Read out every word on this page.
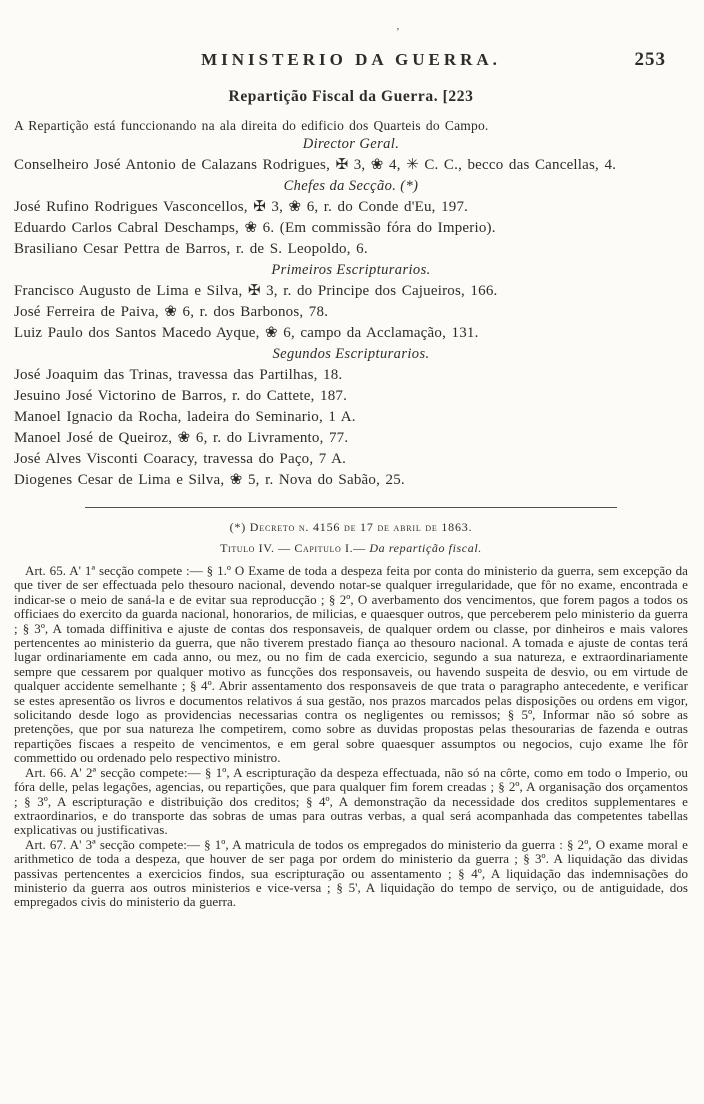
’
MINISTERIO DA GUERRA.	253
Repartição Fiscal da Guerra. [223

A Repartição está funccionando na ala direita do edificio dos Quarteis do Campo.

Director Geral.

Conselheiro José Antonio de Calazans Rodrigues, ✠ 3, ❀ 4, ✳ C. C., becco das Cancellas, 4.

Chefes da Secção. (*)

José Rufino Rodrigues Vasconcellos, ✠ 3, ❀ 6, r. do Conde d'Eu, 197.

Eduardo Carlos Cabral Deschamps, ❀ 6. (Em commissão fóra do Imperio).

Brasiliano Cesar Pettra de Barros, r. de S. Leopoldo, 6.

Primeiros Escripturarios.

Francisco Augusto de Lima e Silva, ✠ 3, r. do Principe dos Cajueiros, 166.

José Ferreira de Paiva, ❀ 6, r. dos Barbonos, 78.

Luiz Paulo dos Santos Macedo Ayque, ❀ 6, campo da Acclamação, 131.

Segundos Escripturarios.

José Joaquim das Trinas, travessa das Partilhas, 18.

Jesuino José Victorino de Barros, r. do Cattete, 187.

Manoel Ignacio da Rocha, ladeira do Seminario, 1 A.

Manoel José de Queiroz, ❀ 6, r. do Livramento, 77.

José Alves Visconti Coaracy, travessa do Paço, 7 A.

Diogenes Cesar de Lima e Silva, ❀ 5, r. Nova do Sabão, 25.

(*) Decreto n. 4156 de 17 de abril de 1863.

Titulo IV. — Capitulo I.— Da repartição fiscal.

Art. 65. A' 1ª secção compete :— § 1.º O Exame de toda a despeza feita por conta do ministerio da guerra, sem excepção da que tiver de ser effectuada pelo thesouro nacional, devendo notar-se qualquer irregularidade, que fôr no exame, encontrada e indicar-se o meio de saná-la e de evitar sua reproducção ; § 2º, O averbamento dos vencimentos, que forem pagos a todos os officiaes do exercito da guarda nacional, honorarios, de milicias, e quaesquer outros, que perceberem pelo ministerio da guerra ; § 3º, A tomada diffinitiva e ajuste de contas dos responsaveis, de qualquer ordem ou classe, por dinheiros e mais valores pertencentes ao ministerio da guerra, que não tiverem prestado fiança ao thesouro nacional. A tomada e ajuste de contas terá lugar ordinariamente em cada anno, ou mez, ou no fim de cada exercicio, segundo a sua natureza, e extraordinariamente sempre que cessarem por qualquer motivo as funcções dos responsaveis, ou havendo suspeita de desvio, ou em virtude de qualquer accidente semelhante ; § 4º. Abrir assentamento dos responsaveis de que trata o paragrapho antecedente, e verificar se estes apresentão os livros e documentos relativos á sua gestão, nos prazos marcados pelas disposições ou ordens em vigor, solicitando desde logo as providencias necessarias contra os negligentes ou remissos; § 5º, Informar não só sobre as pretenções, que por sua natureza lhe competirem, como sobre as duvidas propostas pelas thesourarias de fazenda e outras repartições fiscaes a respeito de vencimentos, e em geral sobre quaesquer assumptos ou negocios, cujo exame lhe fôr commettido ou ordenado pelo respectivo ministro.

Art. 66. A' 2ª secção compete:— § 1º, A escripturação da despeza effectuada, não só na côrte, como em todo o Imperio, ou fóra delle, pelas legações, agencias, ou repartições, que para qualquer fim forem creadas ; § 2º, A organisação dos orçamentos ; § 3º, A escripturação e distribuição dos creditos; § 4º, A demonstração da necessidade dos creditos supplementares e extraordinarios, e do transporte das sobras de umas para outras verbas, a qual será acompanhada das competentes tabellas explicativas ou justificativas.

Art. 67. A' 3ª secção compete:— § 1º, A matricula de todos os empregados do ministerio da guerra : § 2º, O exame moral e arithmetico de toda a despeza, que houver de ser paga por ordem do ministerio da guerra ; § 3º. A liquidação das dividas passivas pertencentes a exercicios findos, sua escripturação ou assentamento ; § 4º, A liquidação das indemnisações do ministerio da guerra aos outros ministerios e vice-versa ; § 5', A liquidação do tempo de serviço, ou de antiguidade, dos empregados civis do ministerio da guerra.
